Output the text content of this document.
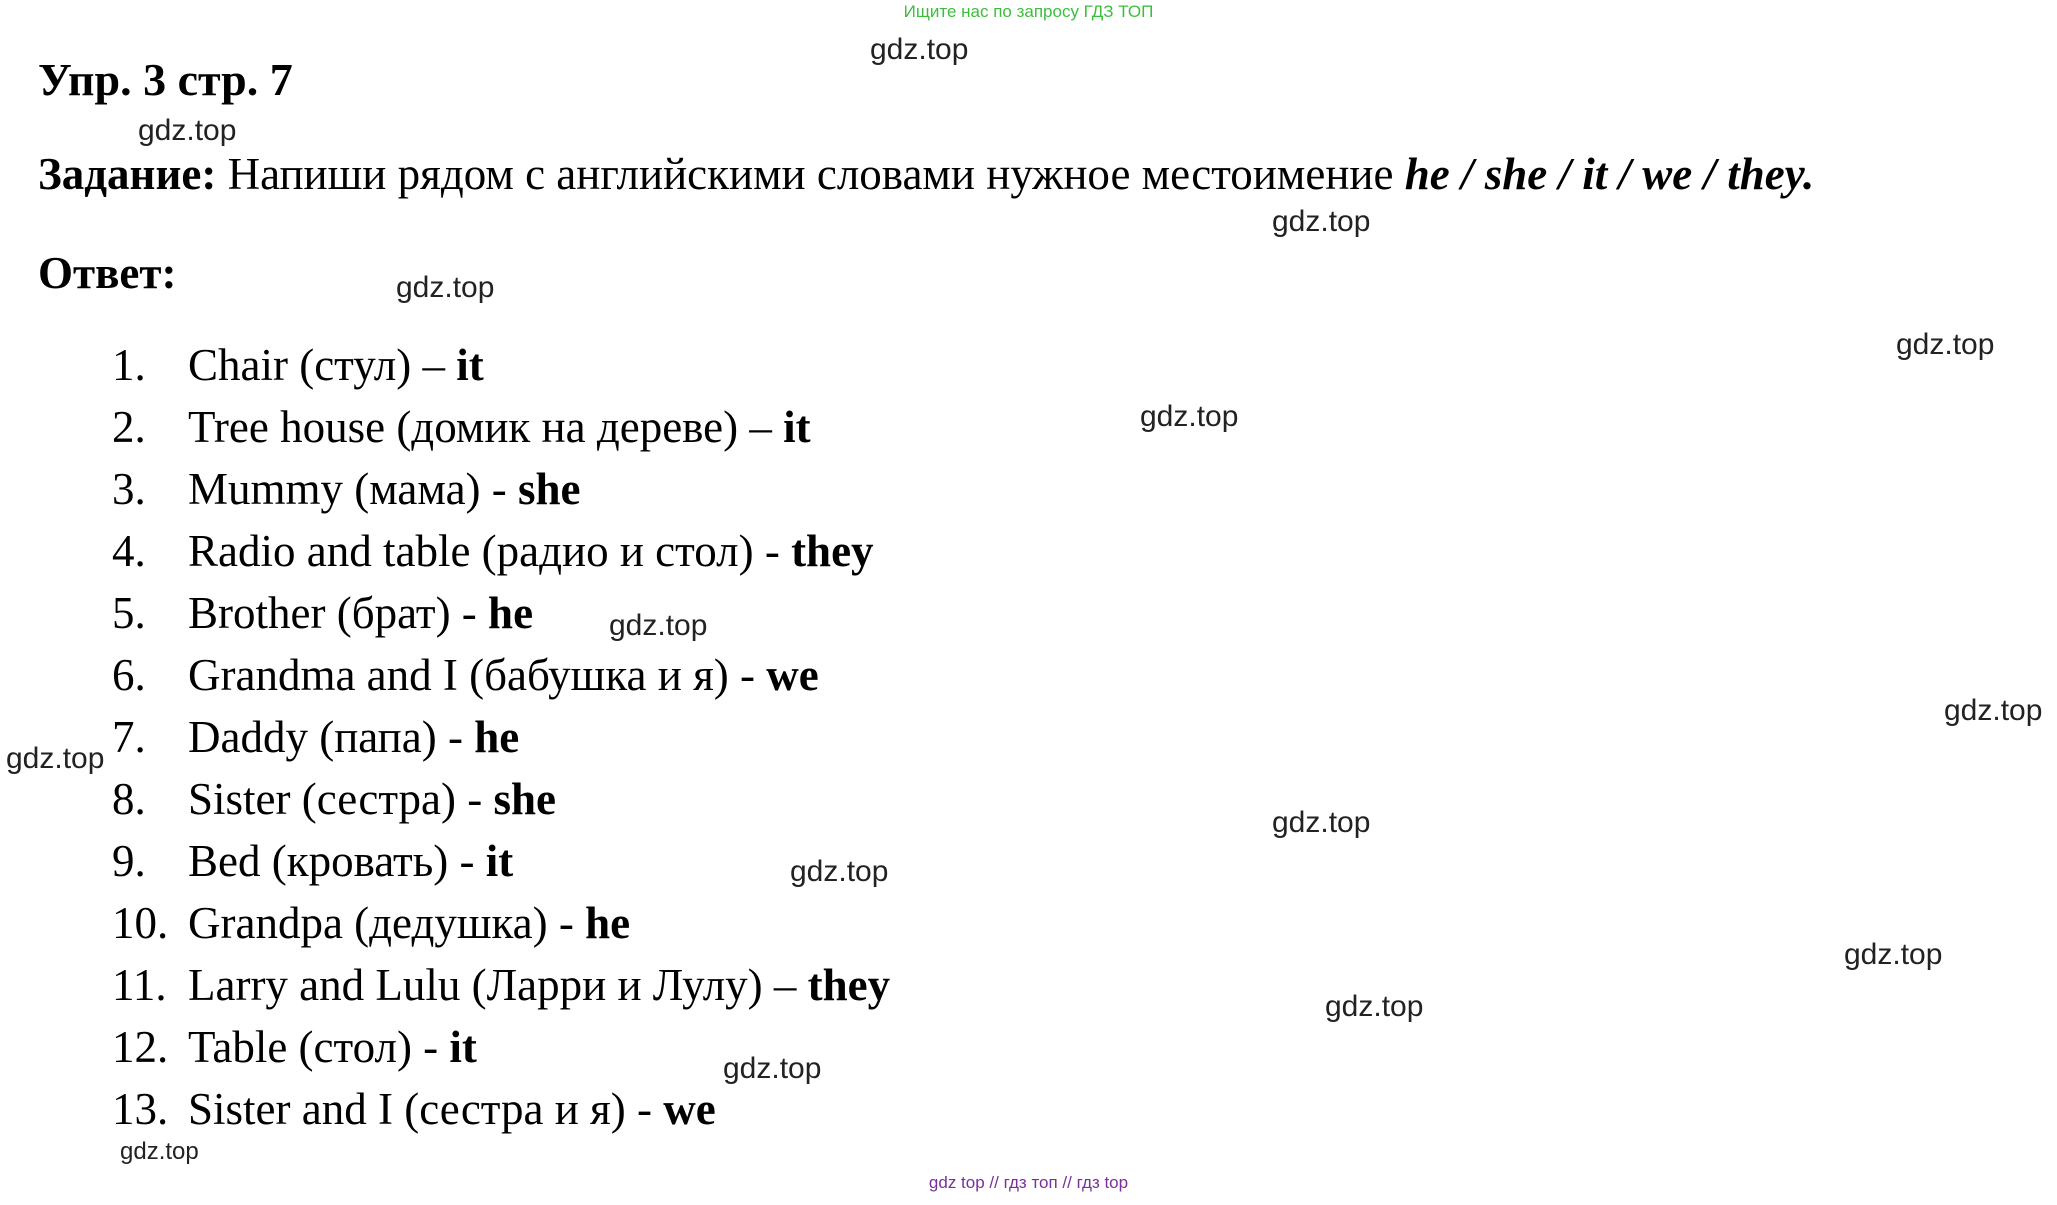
Ищите нас по запросу ГДЗ ТОП
Упр. 3 стр. 7
Задание: Напиши рядом с английскими словами нужное местоимение he / she / it / we / they.
Ответ:
1. Chair (стул) – it
2. Tree house (домик на дереве) – it
3. Mummy (мама) - she
4. Radio and table (радио и стол) - they
5. Brother (брат) - he
6. Grandma and I (бабушка и я) - we
7. Daddy (папа) - he
8. Sister (сестра) - she
9. Bed (кровать) - it
10. Grandpa (дедушка) - he
11. Larry and Lulu (Ларри и Лулу) – they
12. Table (стол) - it
13. Sister and I (сестра и я) - we
gdz.top
gdz.top
gdz.top
gdz.top
gdz.top
gdz.top
gdz.top
gdz.top
gdz.top
gdz.top
gdz.top
gdz.top
gdz.top
gdz.top
gdz.top
gdz top // гдз топ // гдз top
